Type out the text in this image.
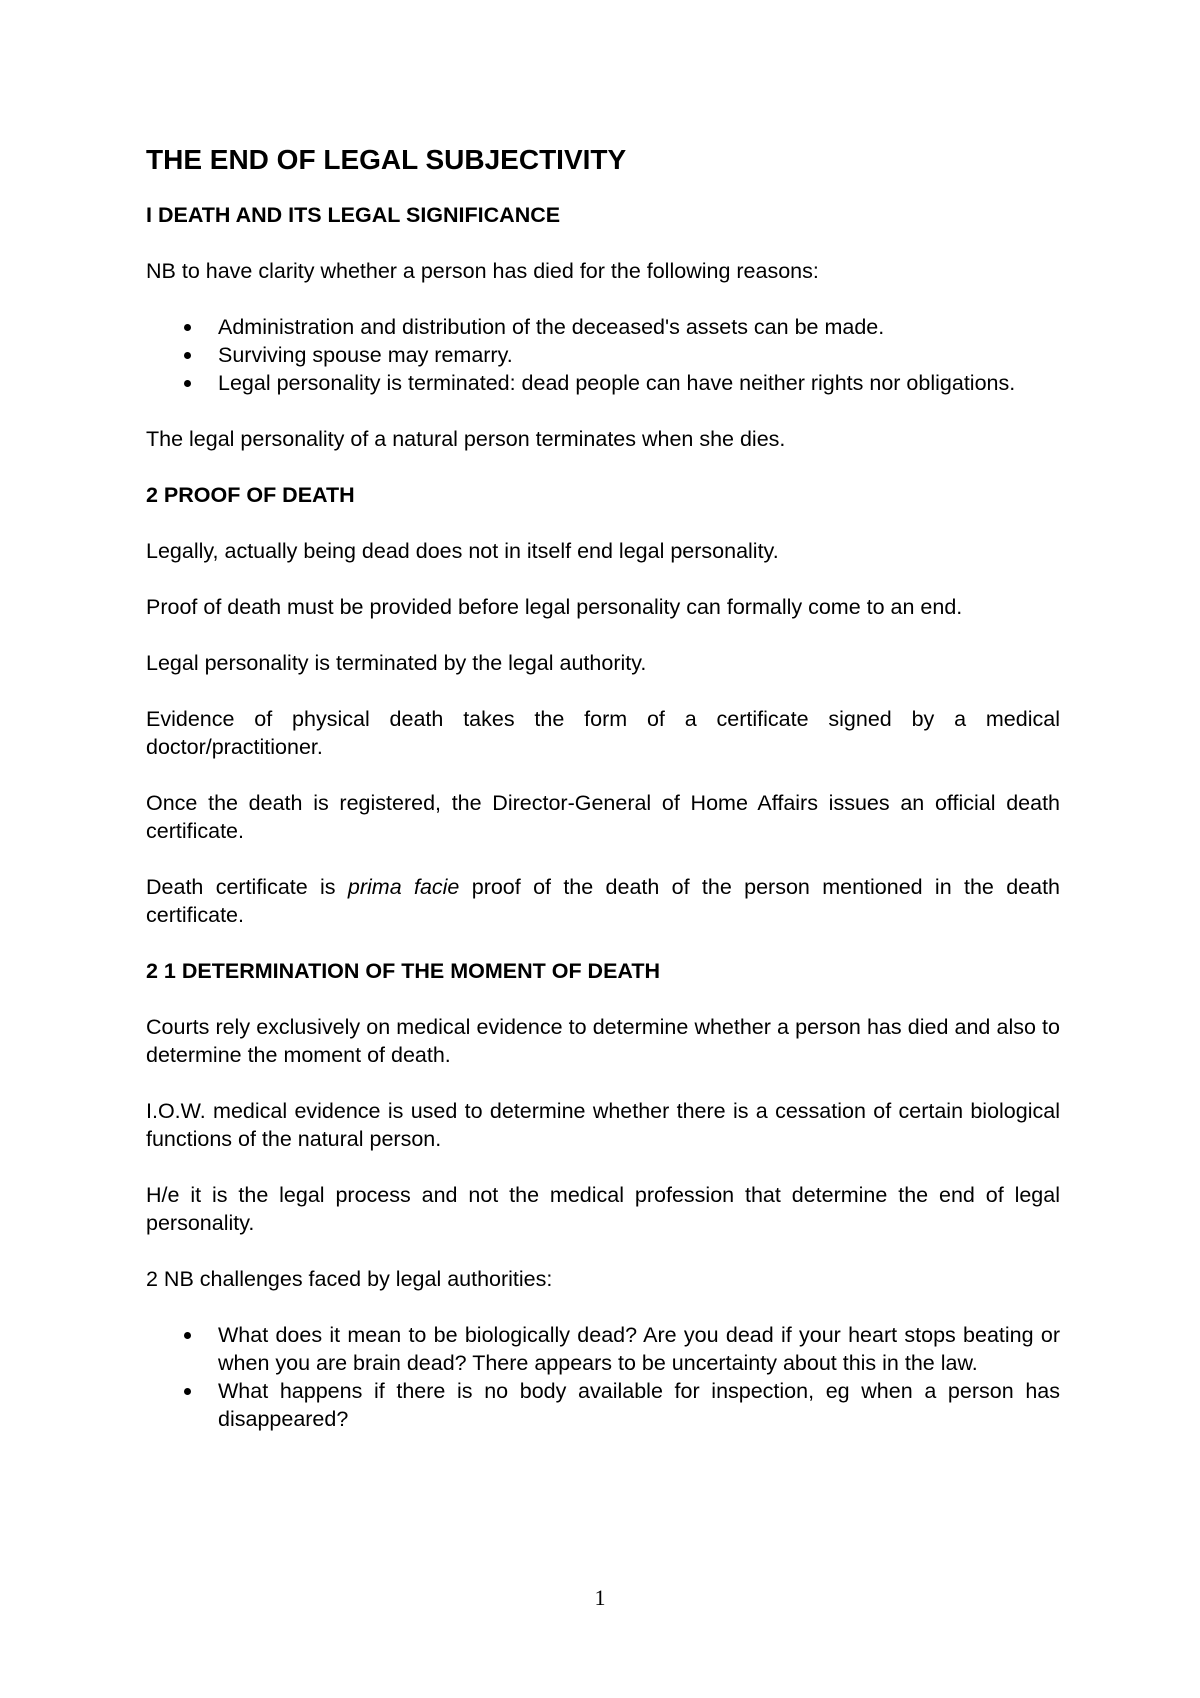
THE END OF LEGAL SUBJECTIVITY
I DEATH AND ITS LEGAL SIGNIFICANCE
NB to have clarity whether a person has died for the following reasons:
Administration and distribution of the deceased's assets can be made.
Surviving spouse may remarry.
Legal personality is terminated: dead people can have neither rights nor obligations.
The legal personality of a natural person terminates when she dies.
2 PROOF OF DEATH
Legally, actually being dead does not in itself end legal personality.
Proof of death must be provided before legal personality can formally come to an end.
Legal personality is terminated by the legal authority.
Evidence of physical death takes the form of a certificate signed by a medical doctor/practitioner.
Once the death is registered, the Director-General of Home Affairs issues an official death certificate.
Death certificate is prima facie proof of the death of the person mentioned in the death certificate.
2 1 DETERMINATION OF THE MOMENT OF DEATH
Courts rely exclusively on medical evidence to determine whether a person has died and also to determine the moment of death.
I.O.W. medical evidence is used to determine whether there is a cessation of certain biological functions of the natural person.
H/e it is the legal process and not the medical profession that determine the end of legal personality.
2 NB challenges faced by legal authorities:
What does it mean to be biologically dead? Are you dead if your heart stops beating or when you are brain dead? There appears to be uncertainty about this in the law.
What happens if there is no body available for inspection, eg when a person has disappeared?
1
